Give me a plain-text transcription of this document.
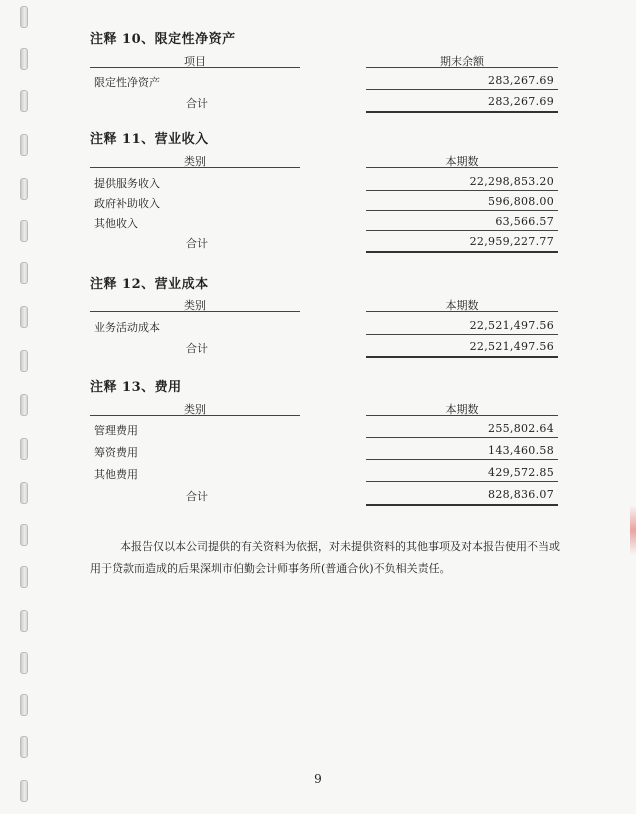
注释 10、限定性净资产
项目	期末余额
限定性净资产	283,267.69
合计	283,267.69
注释 11、营业收入
类别	本期数
提供服务收入	22,298,853.20
政府补助收入	596,808.00
其他收入	63,566.57
合计	22,959,227.77
注释 12、营业成本
类别	本期数
业务活动成本	22,521,497.56
合计	22,521,497.56
注释 13、费用
类别	本期数
管理费用	255,802.64
筹资费用	143,460.58
其他费用	429,572.85
合计	828,836.07
本报告仅以本公司提供的有关资料为依据，对未提供资料的其他事项及对本报告使用不当或用于贷款而造成的后果深圳市伯勤会计师事务所(普通合伙)不负相关责任。
9
